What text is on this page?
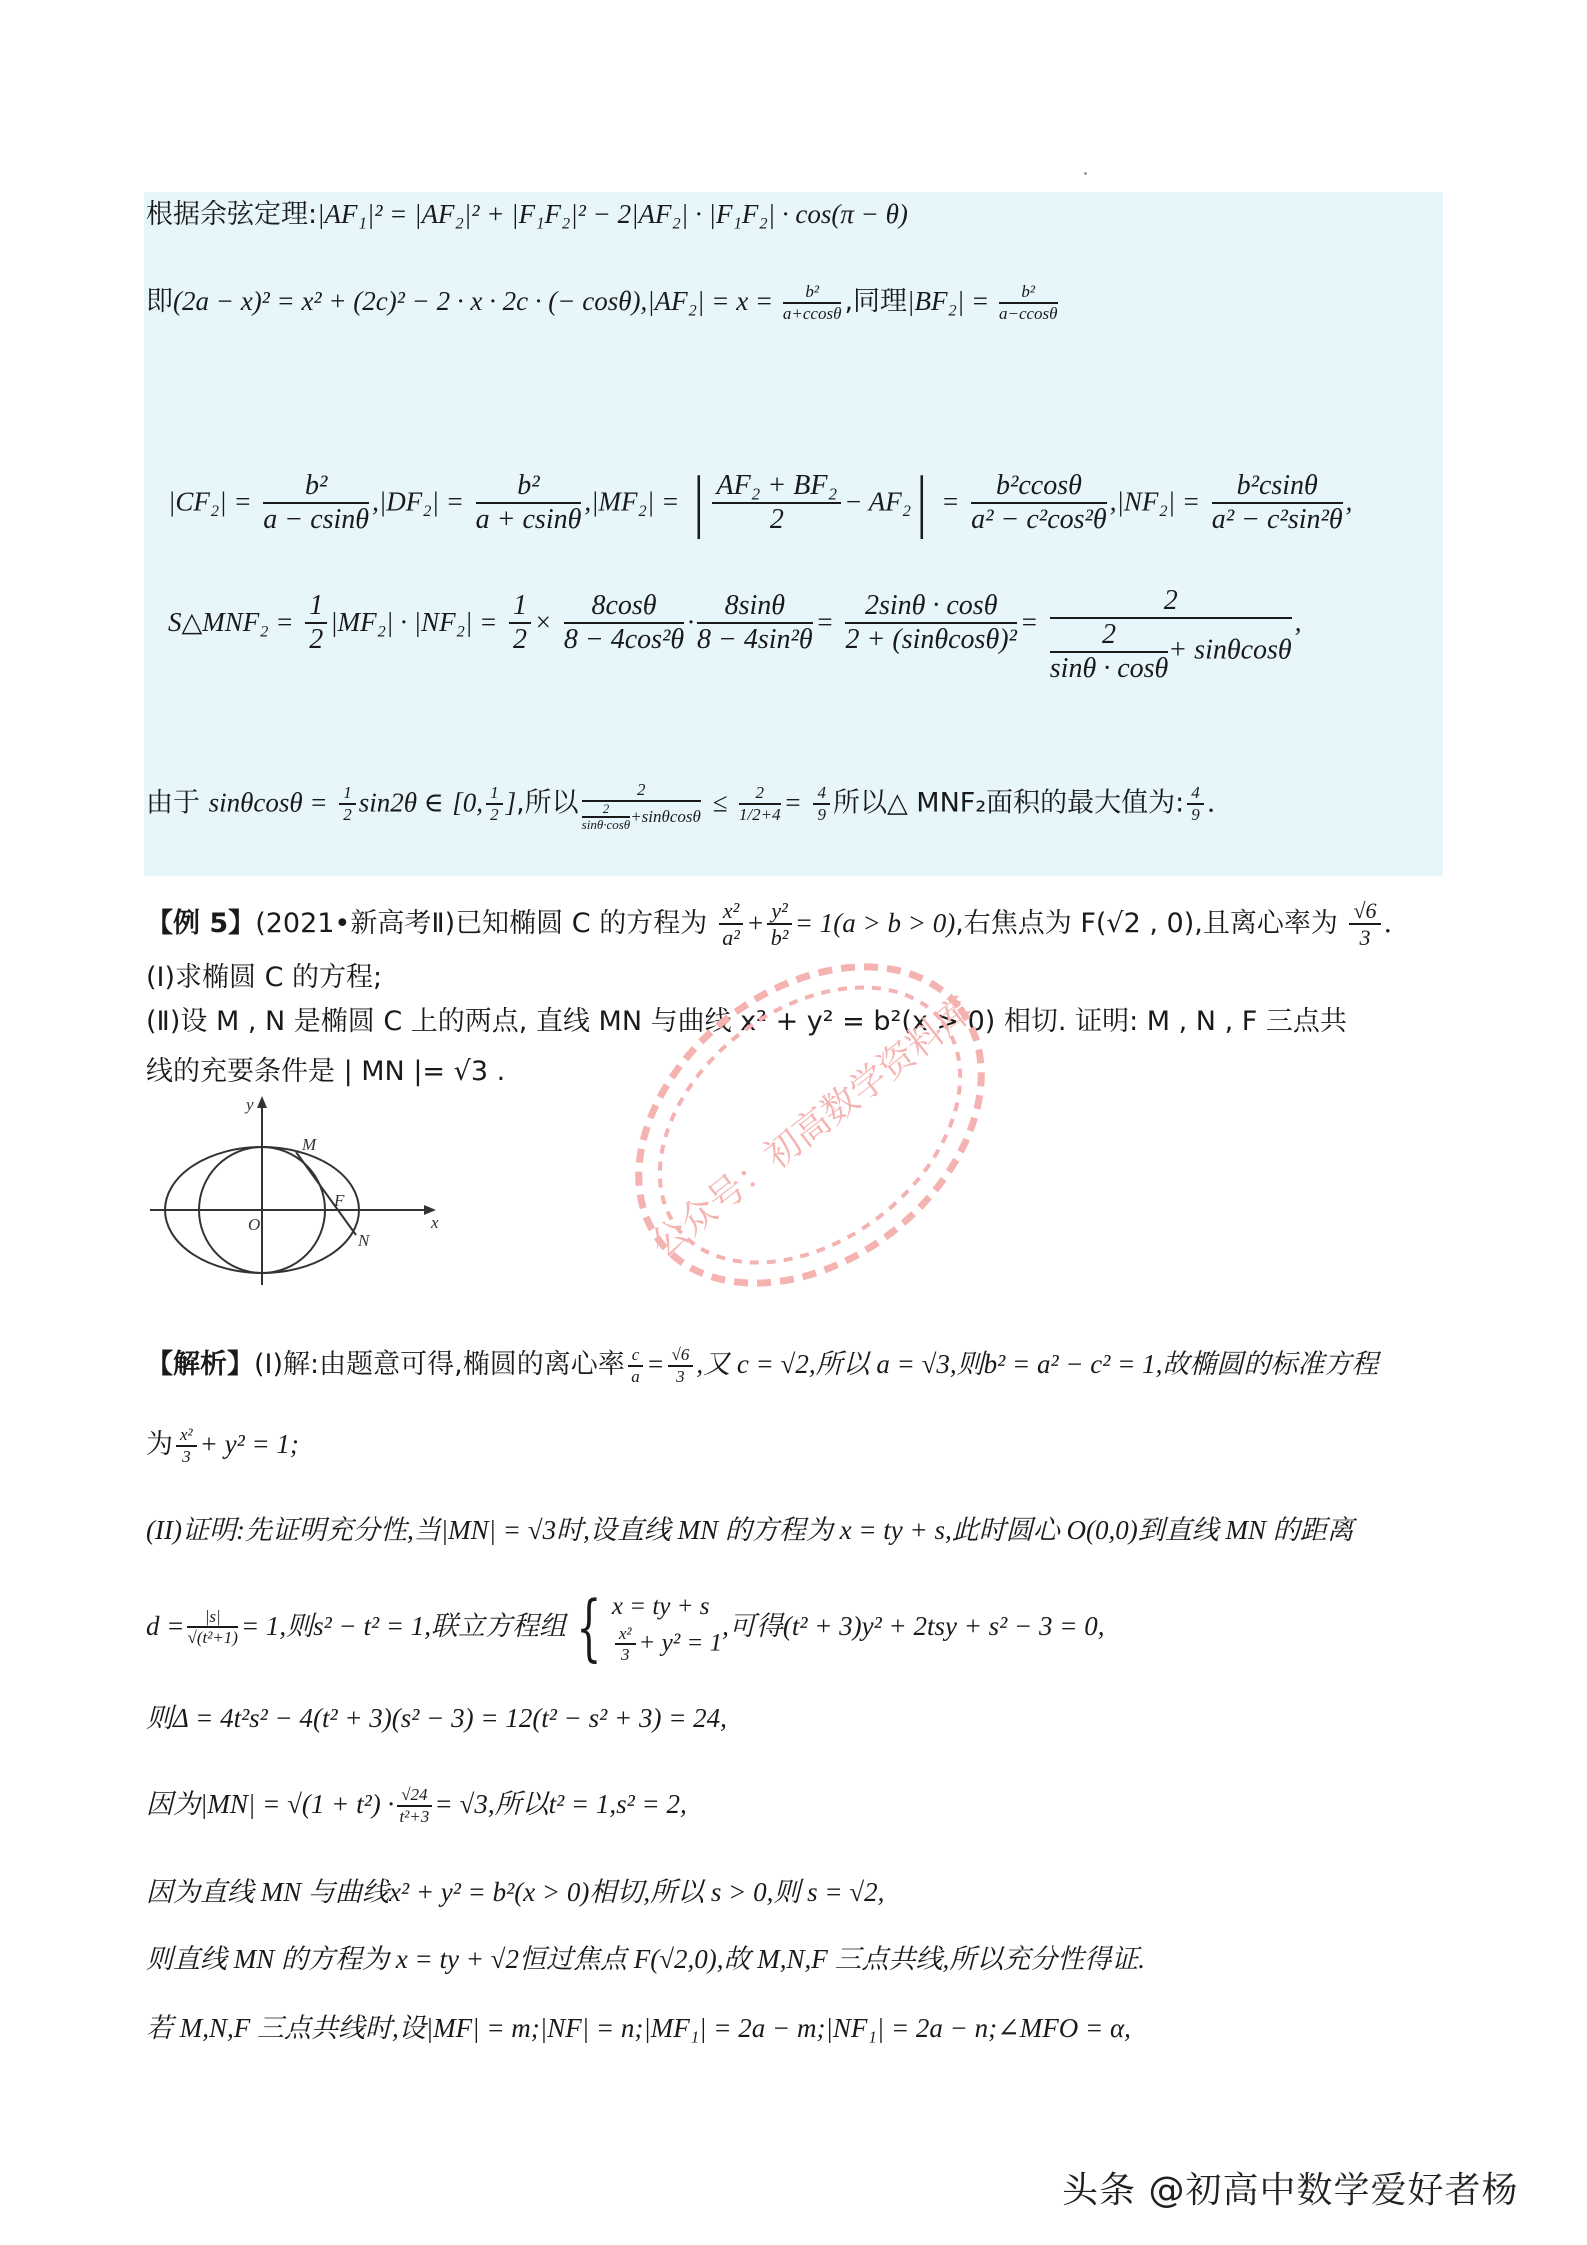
根据余弦定理:|AF₁|² = |AF₂|² + |F₁F₂|² − 2|AF₂| · |F₁F₂| · cos(π − θ)
即(2a − x)² = x² + (2c)² − 2 · x · 2c · (− $\cos\theta),|AF_2| = x = \frac{\text{b²}}{a+ccos\theta}$ ,同理$|BF_2| = \frac{\text{b²}}{a-ccos\theta}$
$|CF_2| = \frac{\text{b²}}{a - csin\theta} ,|DF_2| = \frac{\text{b²}}{a + csin\theta} ,|MF_2|$ = | $\frac{\text{AF₂ + BF₂}}{2} - AF_2| = \frac{\text{b²ccosθ}}{\text{a² − c²cos²θ}} ,|NF_2| = \frac{\text{b²csinθ}}{\text{a² − c²sin²θ}}$ ,
S△MNF₂ = $\frac{1}{2} |MF_2| \cdot |NF_2| = \frac{1}{2} \times \frac{8\cos\theta}{\text{8 − 4cos²θ}} \cdot \frac{8\sin\theta}{\text{8 − 4sin²θ}} = \frac{2\sin\theta \cdot \cos\theta}{\text{2 + (sinθcosθ)²}} = \frac{2}{\frac{2}{\sin\theta \cdot \cos\theta} + \sin\theta\cos\theta}$ ,
由于 $\sin\theta\cos\theta = \frac{1}{2} \sin 2\theta$ ∈ [0, $\frac{1}{2}$ ],所以 $\frac{2}{\frac{2}{\sin\theta\cdot\cos\theta} +\sin\theta\cos\theta} \le \frac{2}{1/2+4} = \frac{4}{9}$ 所以△ MNF₂面积的最大值为: $\frac{4}{9}$ .
【例 5】(2021•新高考Ⅱ)已知椭圆 C 的方程为 $\frac{\text{x²}}{\text{a²}} + \frac{\text{y²}}{\text{b²}} = 1(a > b > 0)$,右焦点为 F(√2 , 0),且离心率为 $\frac{√6}{3}$ .
(Ⅰ)求椭圆 C 的方程;
(Ⅱ)设 M , N 是椭圆 C 上的两点, 直线 MN 与曲线 x² + y² = b²(x > 0) 相切. 证明: M , N , F 三点共
线的充要条件是 | MN |= √3 .
y
x
O
M
F
N	公众号：初高数学资料库
【解析】(I)解:由题意可得,椭圆的离心率 $\frac{c}{a} = \frac{√6}{3}$ ,又 c = √2,所以 a = √3,则b² = a² − c² = 1,故椭圆的标准方程
为 $\frac{\text{x²}}{3} + y^2 = 1$;
(II)证明:先证明充分性,当|MN| = √3时,设直线 MN 的方程为 x = ty + s,此时圆心 O(0,0)到直线 MN 的距离
$d = \frac{|s|}{\text{√(t²+1)}} = 1$,则s² − t² = 1,联立方程组 { x = ty + s
$\frac{\text{x²}}{3} + y^2 = 1$
,可得(t² + 3)y² + 2tsy + s² − 3 = 0,
则Δ = 4t²s² − 4(t² + 3)(s² − 3) = 12(t² − s² + 3) = 24,
因为$|MN| = √(1 + t^2) \cdot \frac{√24}{\text{t²+3}} = √3$,所以t² = 1,s² = 2,
因为直线 MN 与曲线x² + y² = b²(x > 0)相切,所以 s > 0,则 s = √2,
则直线 MN 的方程为 x = ty + √2恒过焦点 F(√2,0),故 M,N,F 三点共线,所以充分性得证.
若 M,N,F 三点共线时,设|MF| = m;|NF| = n;|MF₁| = 2a − m;|NF₁| = 2a − n;∠MFO = α,
头条 @初高中数学爱好者杨
